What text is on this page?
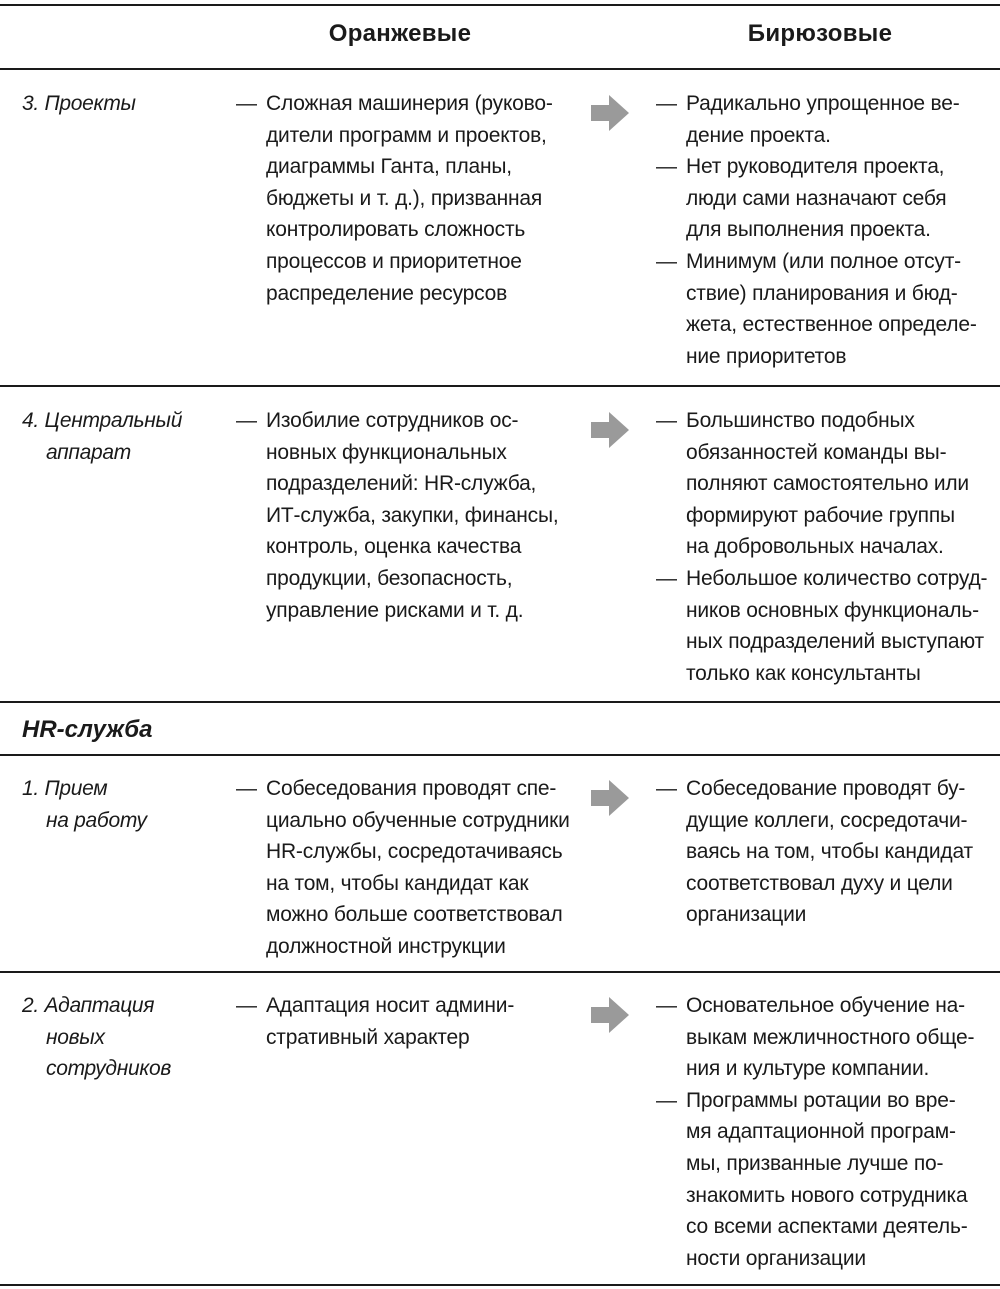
Оранжевые	Бирюзовые
3. Проекты	— Сложная машинерия (руково-
дители программ и проектов,
диаграммы Ганта, планы,
бюджеты и т. д.), призванная
контролировать сложность
процессов и приоритетное
распределение ресурсов
— Радикально упрощенное ве-
дение проекта.
— Нет руководителя проекта,
люди сами назначают себя
для выполнения проекта.
— Минимум (или полное отсут-
ствие) планирования и бюд-
жета, естественное определе-
ние приоритетов
4. Центральный
аппарат
— Изобилие сотрудников ос-
новных функциональных
подразделений: HR-служба,
ИТ-служба, закупки, финансы,
контроль, оценка качества
продукции, безопасность,
управление рисками и т. д.
— Большинство подобных
обязанностей команды вы-
полняют самостоятельно или
формируют рабочие группы
на добровольных началах.
— Небольшое количество сотруд-
ников основных функциональ-
ных подразделений выступают
только как консультанты
HR-служба
1. Прием
на работу
— Собеседования проводят спе-
циально обученные сотрудники
HR-службы, сосредотачиваясь
на том, чтобы кандидат как
можно больше соответствовал
должностной инструкции
— Собеседование проводят бу-
дущие коллеги, сосредотачи-
ваясь на том, чтобы кандидат
соответствовал духу и цели
организации
2. Адаптация
новых
сотрудников
— Адаптация носит админи-
стративный характер
— Основательное обучение на-
выкам межличностного обще-
ния и культуре компании.
— Программы ротации во вре-
мя адаптационной програм-
мы, призванные лучше по-
знакомить нового сотрудника
со всеми аспектами деятель-
ности организации
